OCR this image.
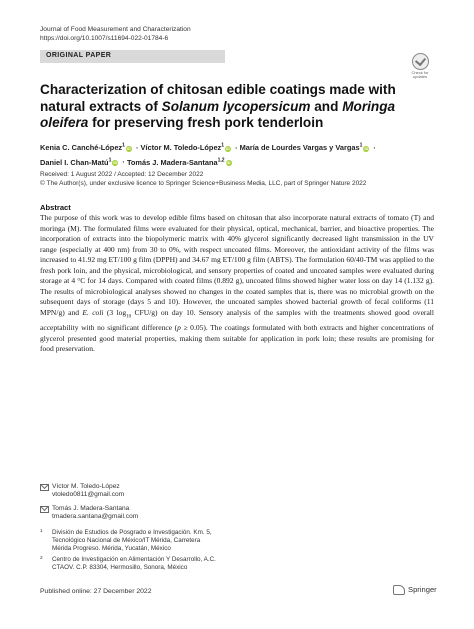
Journal of Food Measurement and Characterization
https://doi.org/10.1007/s11694-022-01784-6
ORIGINAL PAPER
Check for
updates
Characterization of chitosan edible coatings made with natural extracts of Solanum lycopersicum and Moringa oleifera for preserving fresh pork tenderloin
Kenia C. Canché-López$^1$ iD · Víctor M. Toledo-López$^1$ iD · María de Lourdes Vargas y Vargas$^1$ iD ·
Daniel I. Chan-Matú$^1$ iD · Tomás J. Madera-Santana$^{1,2}$ iD
Received: 1 August 2022 / Accepted: 12 December 2022
© The Author(s), under exclusive licence to Springer Science+Business Media, LLC, part of Springer Nature 2022
Abstract
The purpose of this work was to develop edible films based on chitosan that also incorporate natural extracts of tomato (T) and moringa (M). The formulated films were evaluated for their physical, optical, mechanical, barrier, and bioactive properties. The incorporation of extracts into the biopolymeric matrix with 40% glycerol significantly decreased light transmission in the UV range (especially at 400 nm) from 30 to 0%, with respect uncoated films. Moreover, the antioxidant activity of the films was increased to 41.92 mg ET/100 g film (DPPH) and 34.67 mg ET/100 g film (ABTS). The formulation 60/40-TM was applied to the fresh pork loin, and the physical, microbiological, and sensory properties of coated and uncoated samples were evaluated during storage at 4 °C for 14 days. Compared with coated films (0.892 g), uncoated films showed higher water loss on day 14 (1.132 g). The results of microbiological analyses showed no changes in the coated samples that is, there was no microbial growth on the subsequent days of storage (days 5 and 10). However, the uncoated samples showed bacterial growth of fecal coliforms (11 MPN/g) and E. coli (3 $\log_{10} CFU/g$) on day 10. Sensory analysis of the samples with the treatments showed good overall acceptability with no significant difference (p ≥ 0.05). The coatings formulated with both extracts and higher concentrations of glycerol presented good material properties, making them suitable for application in pork loin; these results are promising for food preservation.
Víctor M. Toledo-López
vtoledo0811@gmail.com
Tomás J. Madera-Santana
tmadera.santana@gmail.com
1 División de Estudios de Posgrado e Investigación. Km. 5, Tecnológico Nacional de México/IT Mérida, Carretera Mérida Progreso. Mérida, Yucatán, México
2 Centro de Investigación en Alimentación Y Desarrollo, A.C. CTAOV. C.P. 83304, Hermosillo, Sonora, México
Published online: 27 December 2022	Springer
